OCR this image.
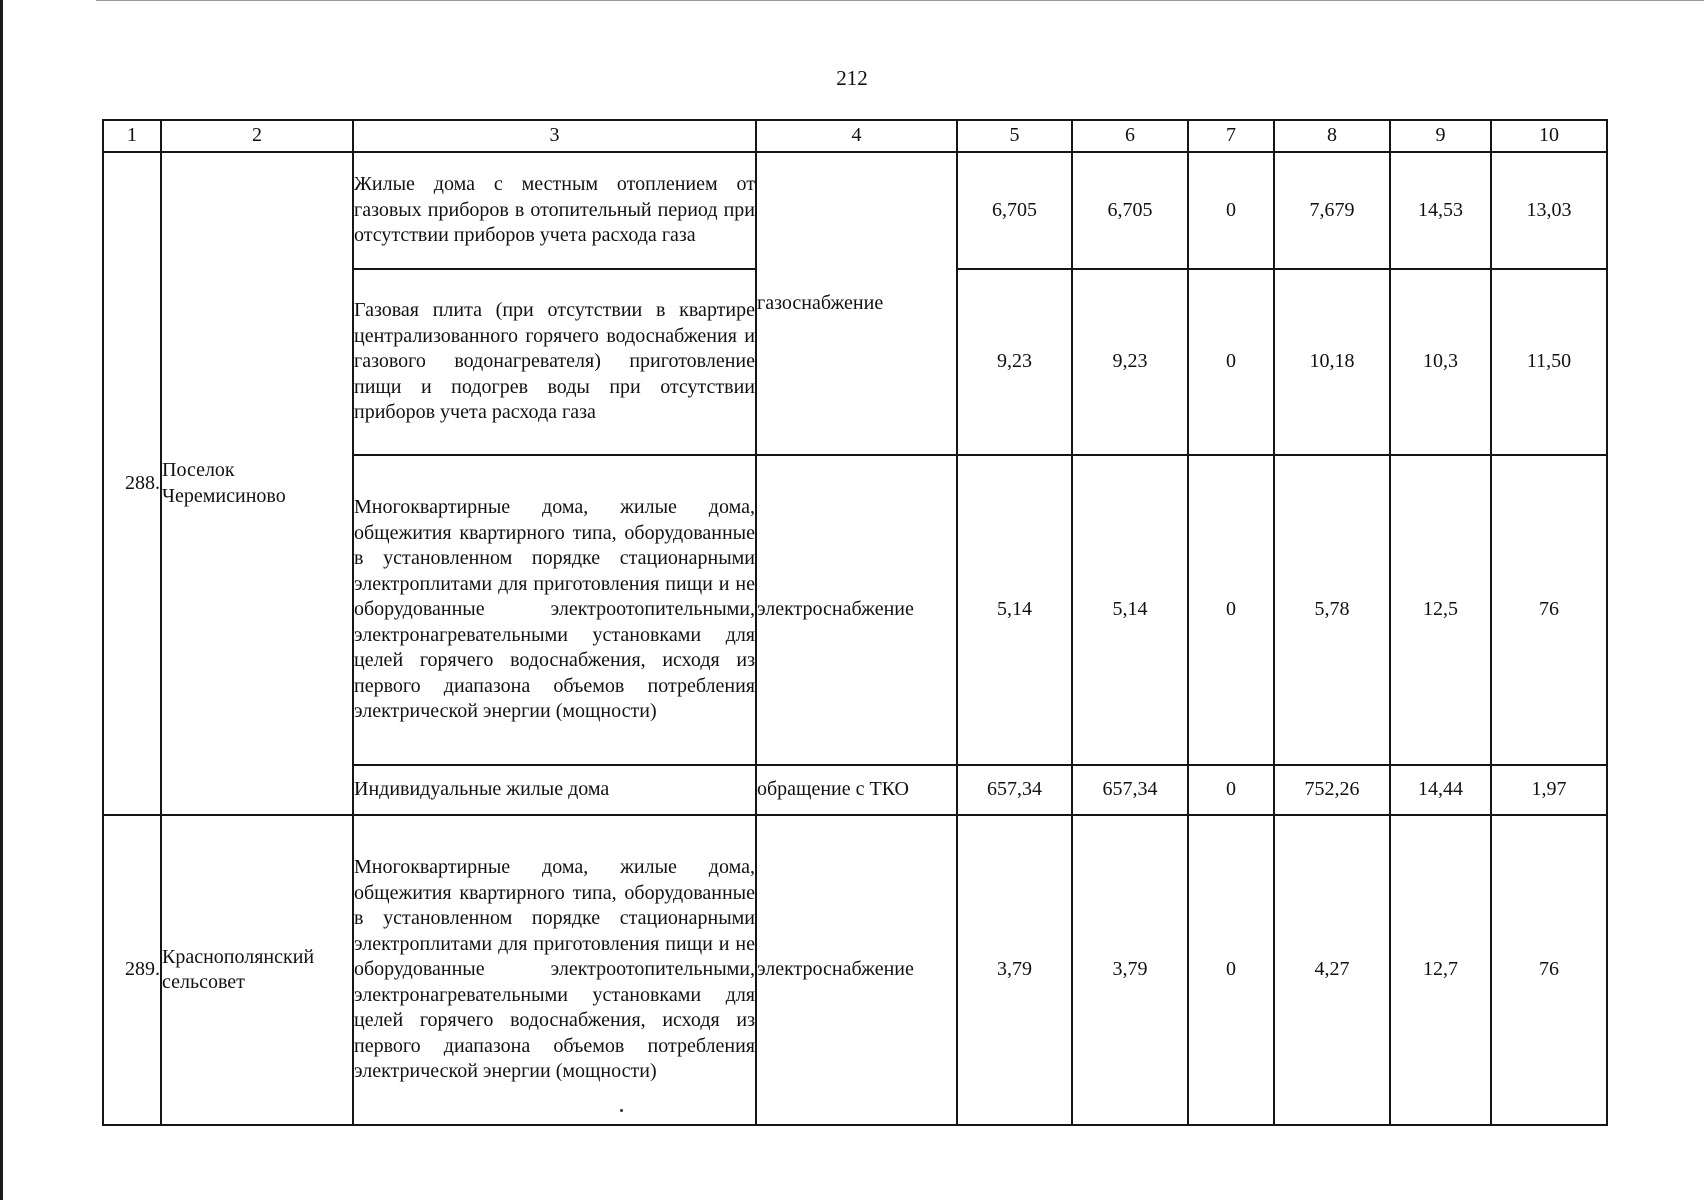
212
1	2	3	4	5	6	7	8	9	10
288.	Поселок Черемисиново	Жилые дома с местным отоплением от газовых приборов в отопительный период при отсутствии приборов учета расхода газа	газоснабжение	6,705	6,705	0	7,679	14,53	13,03

		Газовая плита (при отсутствии в квартире централизованного горячего водоснабжения и газового водонагревателя) приготовление пищи и подогрев воды при отсутствии приборов учета расхода газа		9,23	9,23	0	10,18	10,3	11,50

		Многоквартирные дома, жилые дома, общежития квартирного типа, оборудованные в установленном порядке стационарными электроплитами для приготовления пищи и не оборудованные электроотопительными, электронагревательными установками для целей горячего водоснабжения, исходя из первого диапазона объемов потребления электрической энергии (мощности)	электроснабжение	5,14	5,14	0	5,78	12,5	76

		Индивидуальные жилые дома	обращение с ТКО	657,34	657,34	0	752,26	14,44	1,97
289.	Краснополянский сельсовет	Многоквартирные дома, жилые дома, общежития квартирного типа, оборудованные в установленном порядке стационарными электроплитами для приготовления пищи и не оборудованные электроотопительными, электронагревательными установками для целей горячего водоснабжения, исходя из первого диапазона объемов потребления электрической энергии (мощности)	электроснабжение	3,79	3,79	0	4,27	12,7	76
